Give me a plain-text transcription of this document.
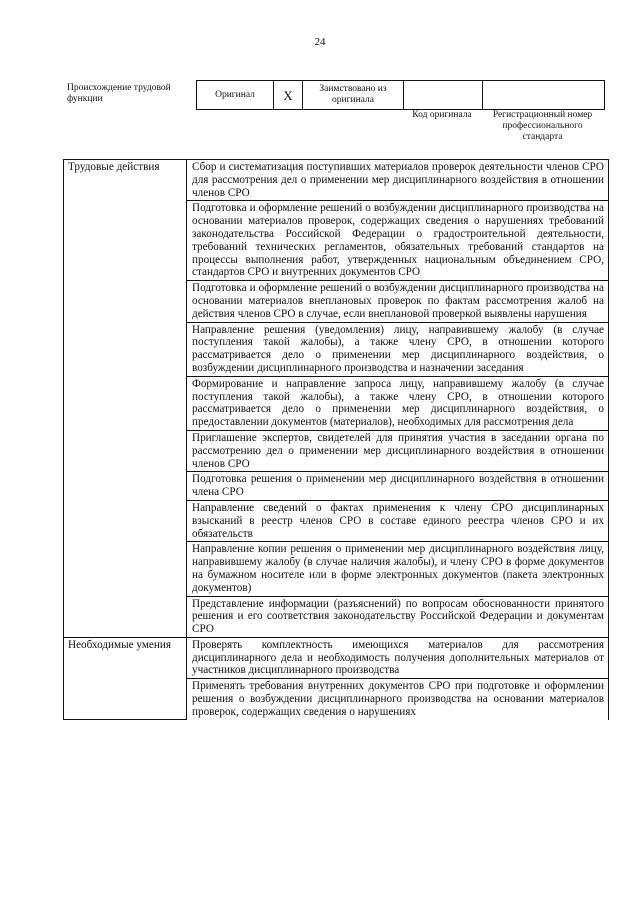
24
Происхождение трудовой функции	Оригинал	X	Заимствовано из оригинала		
Код оригинала	Регистрационный номер профессионального стандарта
Трудовые действия	Сбор и систематизация поступивших материалов проверок деятельности членов СРО для рассмотрения дел о применении мер дисциплинарного воздействия в отношении членов СРО
	Подготовка и оформление решений о возбуждении дисциплинарного производства на основании материалов проверок, содержащих сведения о нарушениях требований законодательства Российской Федерации о градостроительной деятельности, требований технических регламентов, обязательных требований стандартов на процессы выполнения работ, утвержденных национальным объединением СРО, стандартов СРО и внутренних документов СРО
	Подготовка и оформление решений о возбуждении дисциплинарного производства на основании материалов внеплановых проверок по фактам рассмотрения жалоб на действия членов СРО в случае, если внеплановой проверкой выявлены нарушения
	Направление решения (уведомления) лицу, направившему жалобу (в случае поступления такой жалобы), а также члену СРО, в отношении которого рассматривается дело о применении мер дисциплинарного воздействия, о возбуждении дисциплинарного производства и назначении заседания
	Формирование и направление запроса лицу, направившему жалобу (в случае поступления такой жалобы), а также члену СРО, в отношении которого рассматривается дело о применении мер дисциплинарного воздействия, о предоставлении документов (материалов), необходимых для рассмотрения дела
	Приглашение экспертов, свидетелей для принятия участия в заседании органа по рассмотрению дел о применении мер дисциплинарного воздействия в отношении членов СРО
	Подготовка решения о применении мер дисциплинарного воздействия в отношении члена СРО
	Направление сведений о фактах применения к члену СРО дисциплинарных взысканий в реестр членов СРО в составе единого реестра членов СРО и их обязательств
	Направление копии решения о применении мер дисциплинарного воздействия лицу, направившему жалобу (в случае наличия жалобы), и члену СРО в форме документов на бумажном носителе или в форме электронных документов (пакета электронных документов)
	Представление информации (разъяснений) по вопросам обоснованности принятого решения и его соответствия законодательству Российской Федерации и документам СРО
Необходимые умения	Проверять комплектность имеющихся материалов для рассмотрения дисциплинарного дела и необходимость получения дополнительных материалов от участников дисциплинарного производства
	Применять требования внутренних документов СРО при подготовке и оформлении решения о возбуждении дисциплинарного производства на основании материалов проверок, содержащих сведения о нарушениях
